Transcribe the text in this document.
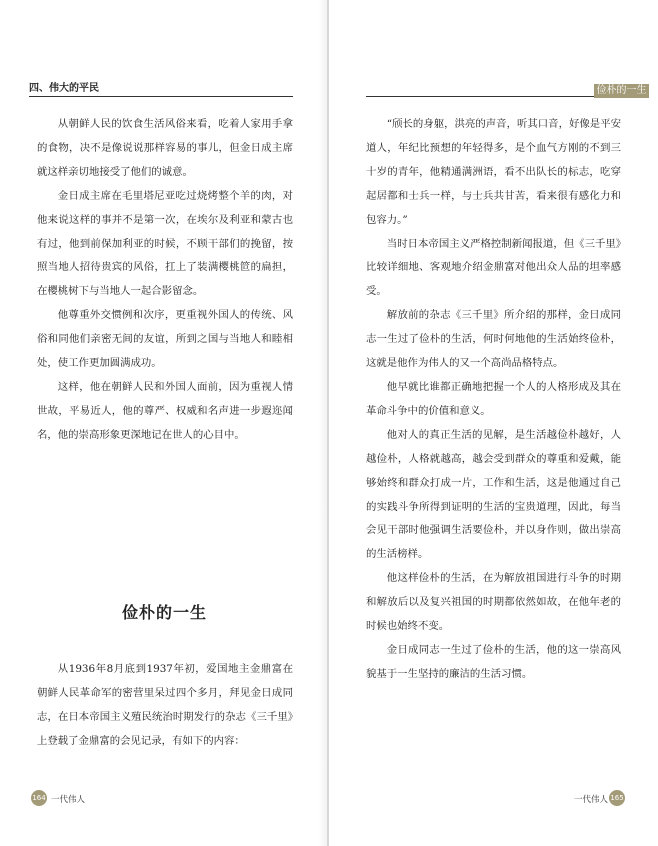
四、伟大的平民

从朝鲜人民的饮食生活风俗来看，吃着人家用手拿的食物，决不是像说说那样容易的事儿，但金日成主席就这样亲切地接受了他们的诚意。

金日成主席在毛里塔尼亚吃过烧烤整个羊的肉，对他来说这样的事并不是第一次，在埃尔及利亚和蒙古也有过，他到前保加利亚的时候，不顾干部们的挽留，按照当地人招待贵宾的风俗，扛上了装满樱桃笸的扁担，在樱桃树下与当地人一起合影留念。

他尊重外交惯例和次序，更重视外国人的传统、风俗和同他们亲密无间的友谊，所到之国与当地人和睦相处，使工作更加圆满成功。

这样，他在朝鲜人民和外国人面前，因为重视人情世故，平易近人，他的尊严、权威和名声进一步遐迩闻名，他的崇高形象更深地记在世人的心目中。

俭朴的一生

从1936年8月底到1937年初，爱国地主金鼎富在朝鲜人民革命军的密营里呆过四个多月，拜见金日成同志，在日本帝国主义殖民统治时期发行的杂志《三千里》上登载了金鼎富的会见记录，有如下的内容：

164 一代伟人
俭朴的一生

“颀长的身躯，洪亮的声音，听其口音，好像是平安道人，年纪比预想的年轻得多，是个血气方刚的不到三十岁的青年，他精通满洲语，看不出队长的标志，吃穿起居都和士兵一样，与士兵共甘苦，看来很有感化力和包容力。”

当时日本帝国主义严格控制新闻报道，但《三千里》比较详细地、客观地介绍金鼎富对他出众人品的坦率感受。

解放前的杂志《三千里》所介绍的那样，金日成同志一生过了俭朴的生活，何时何地他的生活始终俭朴，这就是他作为伟人的又一个高尚品格特点。

他早就比谁都正确地把握一个人的人格形成及其在革命斗争中的价值和意义。

他对人的真正生活的见解，是生活越俭朴越好，人越俭朴，人格就越高，越会受到群众的尊重和爱戴，能够始终和群众打成一片，工作和生活，这是他通过自己的实践斗争所得到证明的生活的宝贵道理，因此，每当会见干部时他强调生活要俭朴，并以身作则，做出崇高的生活榜样。

他这样俭朴的生活，在为解放祖国进行斗争的时期和解放后以及复兴祖国的时期都依然如故，在他年老的时候也始终不变。

金日成同志一生过了俭朴的生活，他的这一崇高风貌基于一生坚持的廉洁的生活习惯。

一代伟人 165
